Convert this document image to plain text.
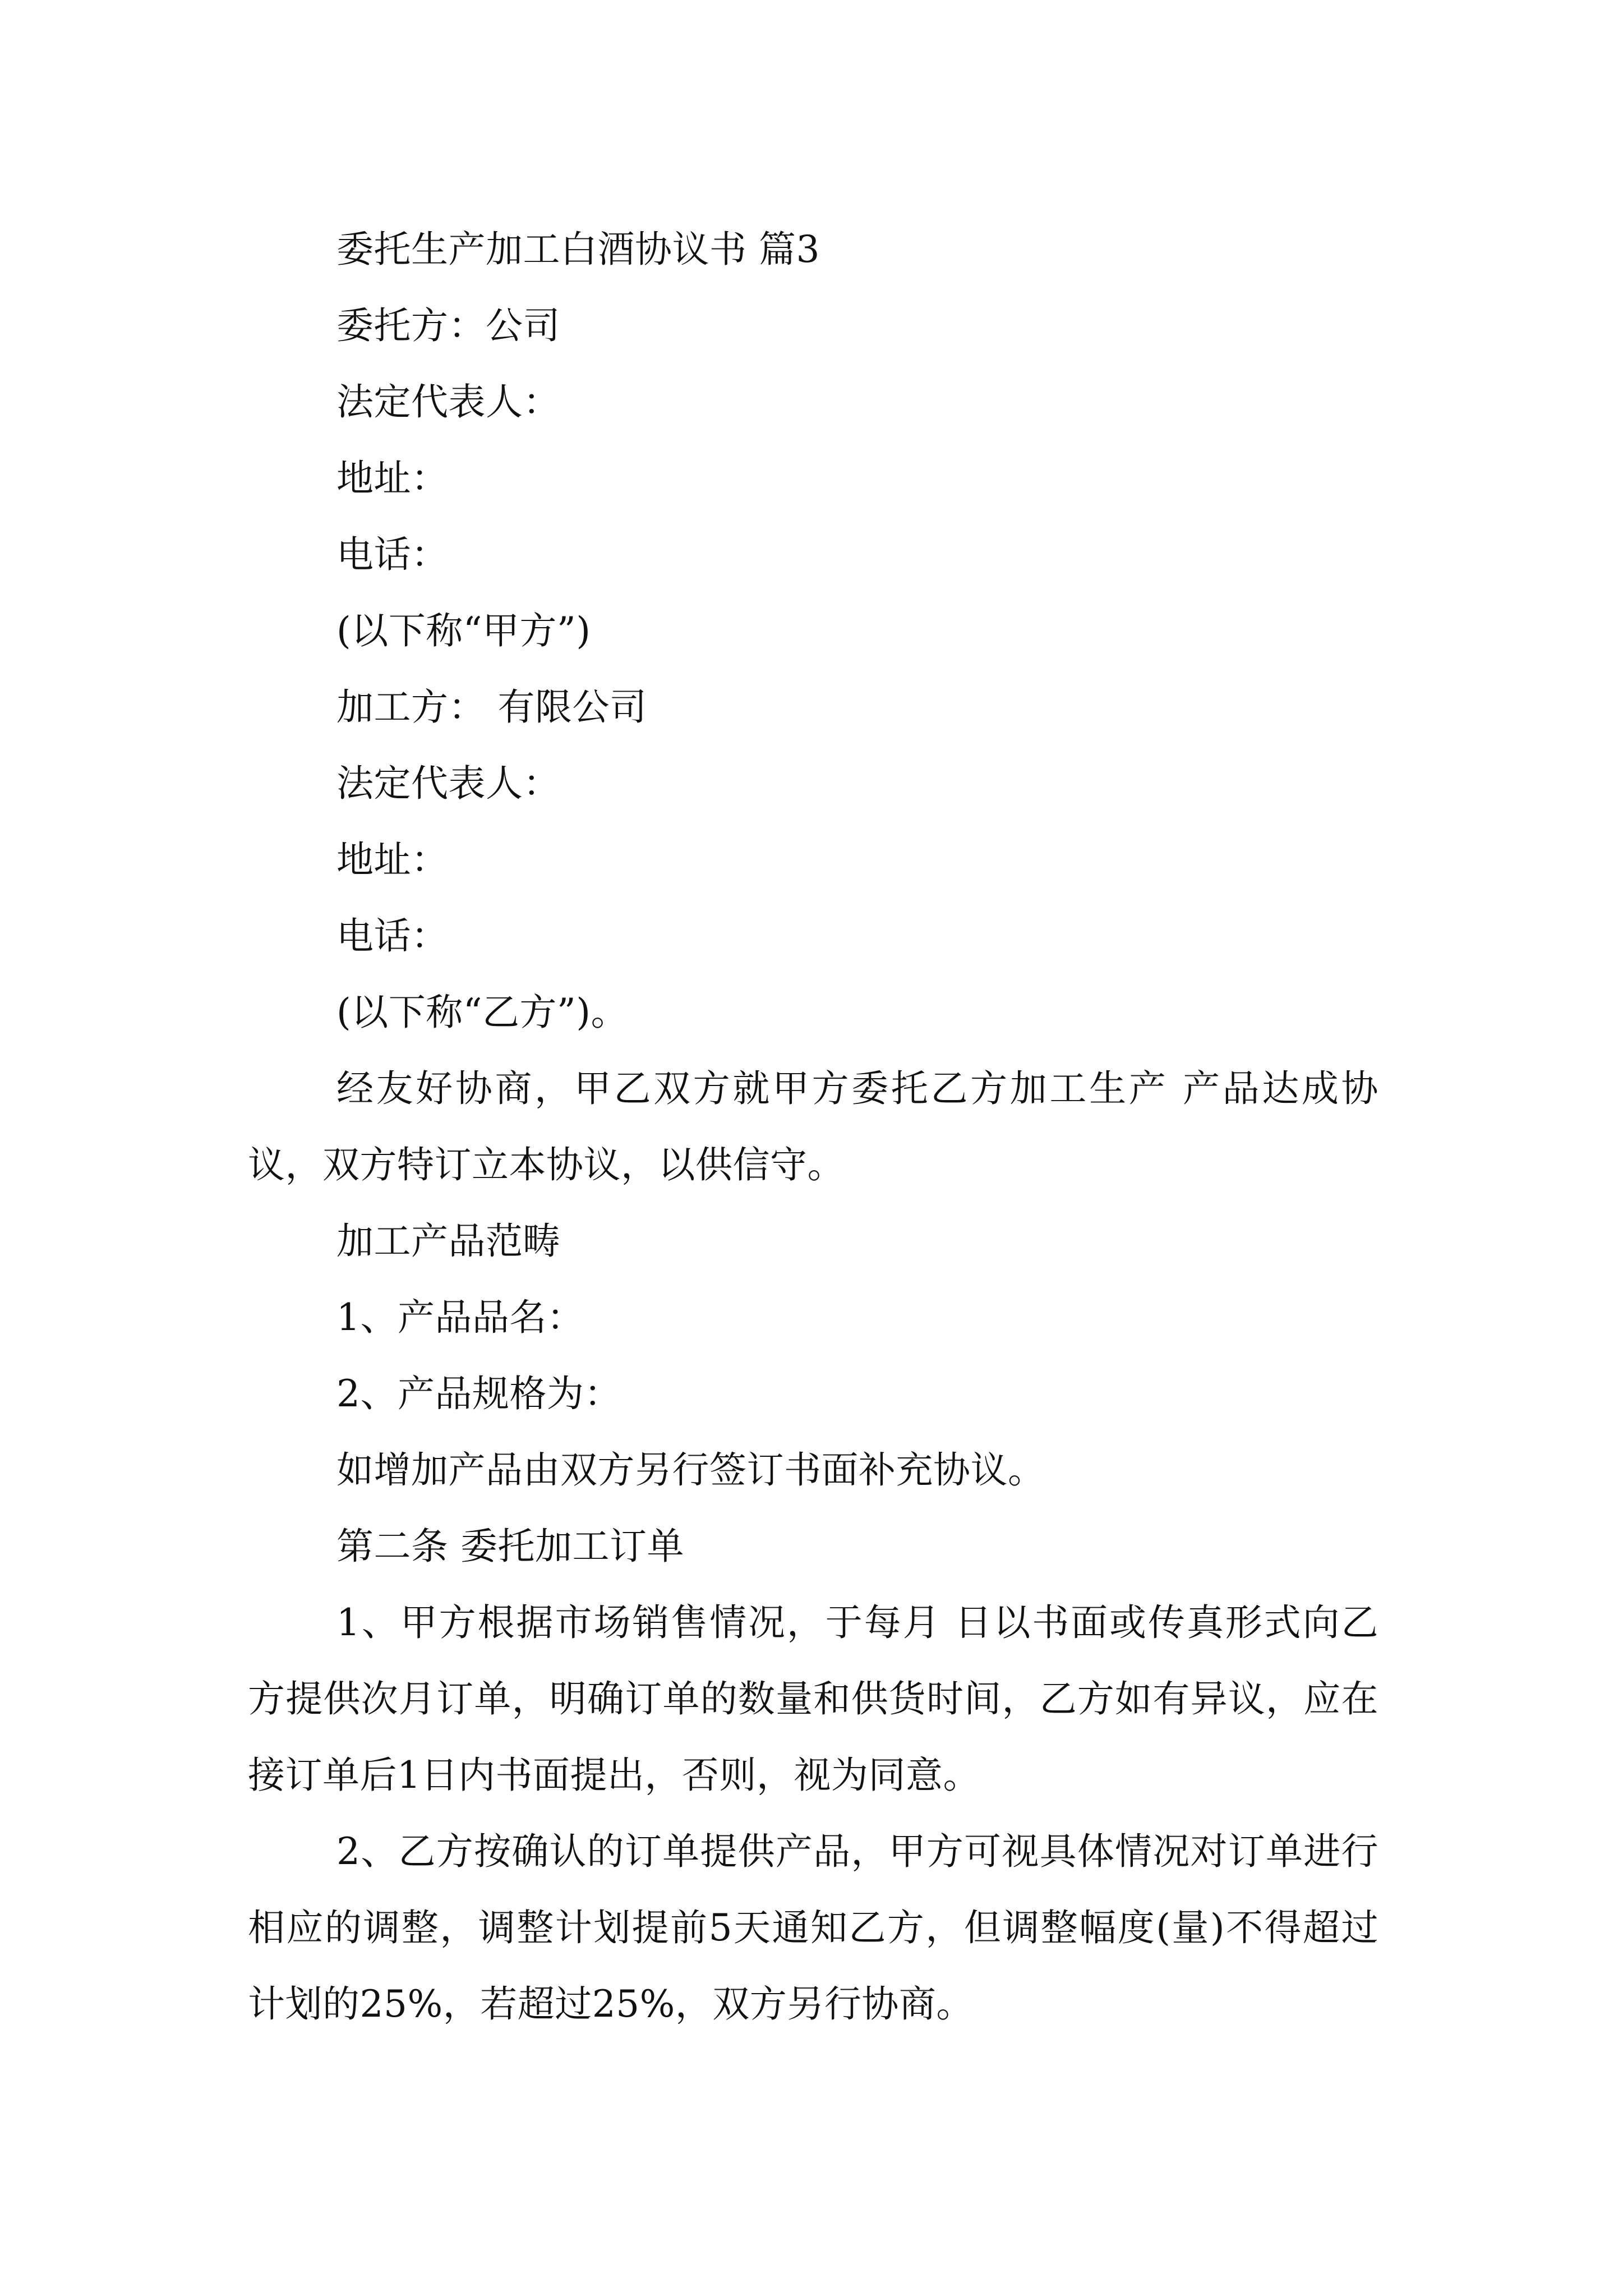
委托生产加工白酒协议书 篇3

委托方：公司

法定代表人：

地址：

电话：

(以下称“甲方”)

加工方： 有限公司

法定代表人：

地址：

电话：

(以下称“乙方”)。

经友好协商，甲乙双方就甲方委托乙方加工生产 产品达成协议，双方特订立本协议，以供信守。

加工产品范畴

1、产品品名：

2、产品规格为：

如增加产品由双方另行签订书面补充协议。

第二条 委托加工订单

1、甲方根据市场销售情况，于每月 日以书面或传真形式向乙方提供次月订单，明确订单的数量和供货时间，乙方如有异议，应在接订单后1日内书面提出，否则，视为同意。

2、乙方按确认的订单提供产品，甲方可视具体情况对订单进行相应的调整，调整计划提前5天通知乙方，但调整幅度(量)不得超过计划的25%，若超过25%，双方另行协商。
